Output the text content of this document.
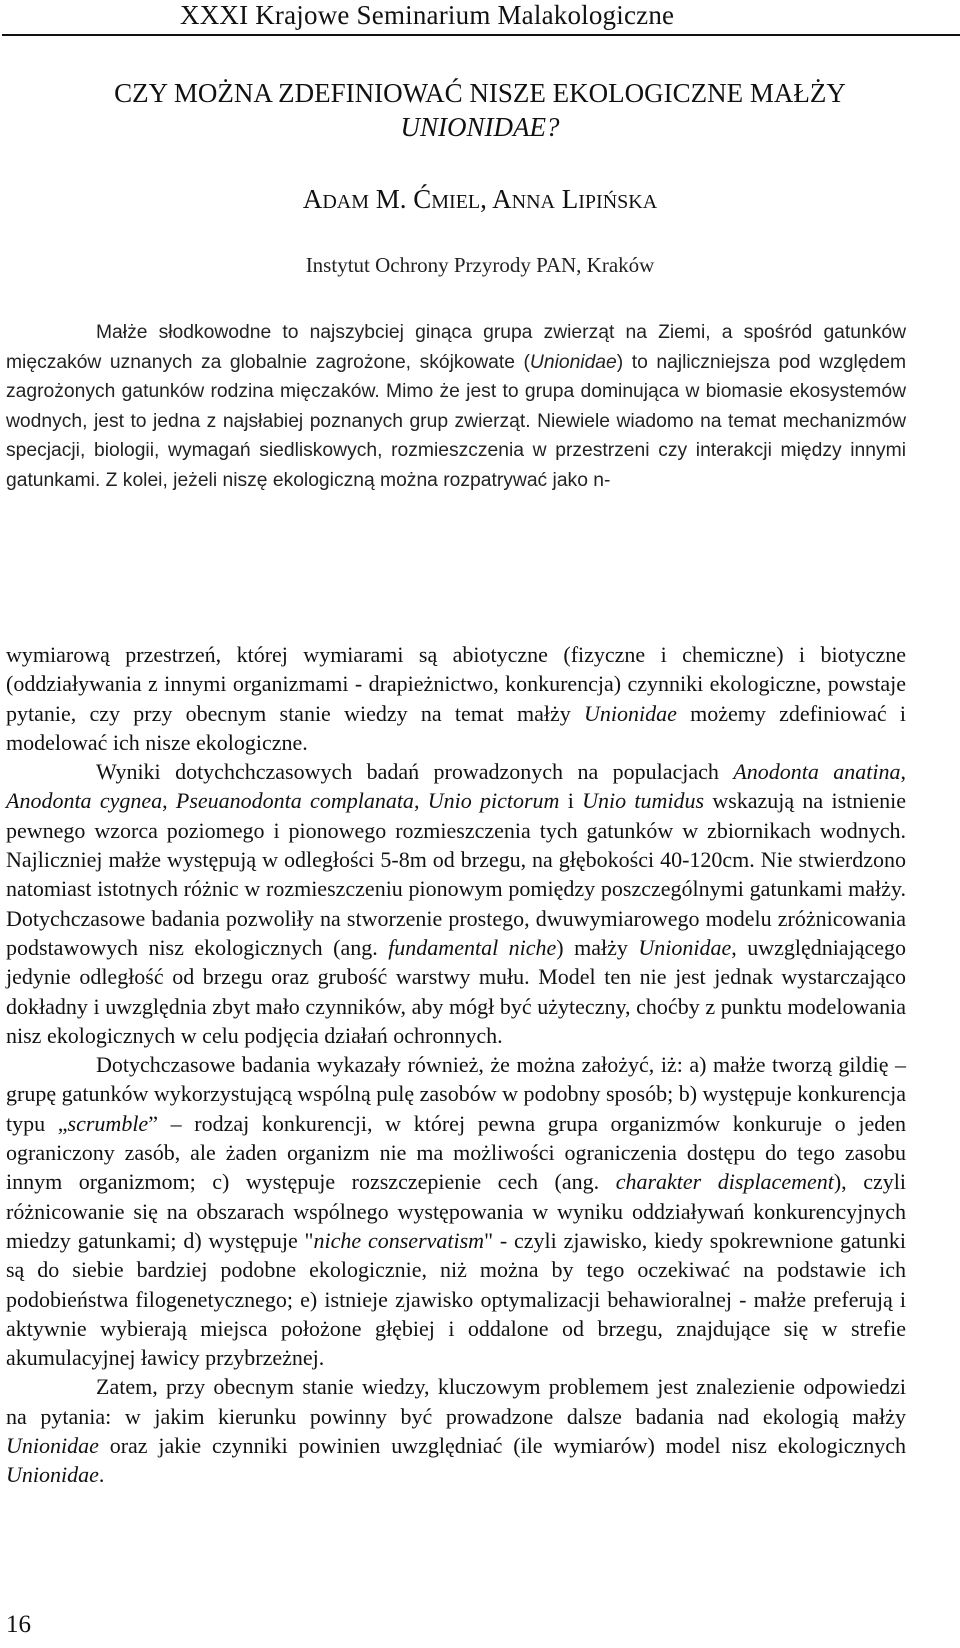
XXXI Krajowe Seminarium Malakologiczne
CZY MOŻNA ZDEFINIOWAĆ NISZE EKOLOGICZNE MAŁŻY
UNIONIDAE?
ADAM M. ĆMIEL, ANNA LIPIŃSKA
Instytut Ochrony Przyrody PAN, Kraków
Małże słodkowodne to najszybciej ginąca grupa zwierząt na Ziemi, a spośród gatunków mięczaków uznanych za globalnie zagrożone, skójkowate (Unionidae) to najliczniejsza pod względem zagrożonych gatunków rodzina mięczaków. Mimo że jest to grupa dominująca w biomasie ekosystemów wodnych, jest to jedna z najsłabiej poznanych grup zwierząt. Niewiele wiadomo na temat mechanizmów specjacji, biologii, wymagań siedliskowych, rozmieszczenia w przestrzeni czy interakcji między innymi gatunkami. Z kolei, jeżeli niszę ekologiczną można rozpatrywać jako n-

wymiarową przestrzeń, której wymiarami są abiotyczne (fizyczne i chemiczne) i biotyczne (oddziaływania z innymi organizmami - drapieżnictwo, konkurencja) czynniki ekologiczne, powstaje pytanie, czy przy obecnym stanie wiedzy na temat małży Unionidae możemy zdefiniować i modelować ich nisze ekologiczne.

Wyniki dotychchczasowych badań prowadzonych na populacjach Anodonta anatina, Anodonta cygnea, Pseuanodonta complanata, Unio pictorum i Unio tumidus wskazują na istnienie pewnego wzorca poziomego i pionowego rozmieszczenia tych gatunków w zbiornikach wodnych. Najliczniej małże występują w odległości 5-8m od brzegu, na głębokości 40-120cm. Nie stwierdzono natomiast istotnych różnic w rozmieszczeniu pionowym pomiędzy poszczególnymi gatunkami małży. Dotychczasowe badania pozwoliły na stworzenie prostego, dwuwymiarowego modelu zróżnicowania podstawowych nisz ekologicznych (ang. fundamental niche) małży Unionidae, uwzględniającego jedynie odległość od brzegu oraz grubość warstwy mułu. Model ten nie jest jednak wystarczająco dokładny i uwzględnia zbyt mało czynników, aby mógł być użyteczny, choćby z punktu modelowania nisz ekologicznych w celu podjęcia działań ochronnych.

Dotychczasowe badania wykazały również, że można założyć, iż: a) małże tworzą gildię – grupę gatunków wykorzystującą wspólną pulę zasobów w podobny sposób; b) występuje konkurencja typu „scrumble” – rodzaj konkurencji, w której pewna grupa organizmów konkuruje o jeden ograniczony zasób, ale żaden organizm nie ma możliwości ograniczenia dostępu do tego zasobu innym organizmom; c) występuje rozszczepienie cech (ang. charakter displacement), czyli różnicowanie się na obszarach wspólnego występowania w wyniku oddziaływań konkurencyjnych miedzy gatunkami; d) występuje "niche conservatism" - czyli zjawisko, kiedy spokrewnione gatunki są do siebie bardziej podobne ekologicznie, niż można by tego oczekiwać na podstawie ich podobieństwa filogenetycznego; e) istnieje zjawisko optymalizacji behawioralnej - małże preferują i aktywnie wybierają miejsca położone głębiej i oddalone od brzegu, znajdujące się w strefie akumulacyjnej ławicy przybrzeżnej.

Zatem, przy obecnym stanie wiedzy, kluczowym problemem jest znalezienie odpowiedzi na pytania: w jakim kierunku powinny być prowadzone dalsze badania nad ekologią małży Unionidae oraz jakie czynniki powinien uwzględniać (ile wymiarów) model nisz ekologicznych Unionidae.

16
